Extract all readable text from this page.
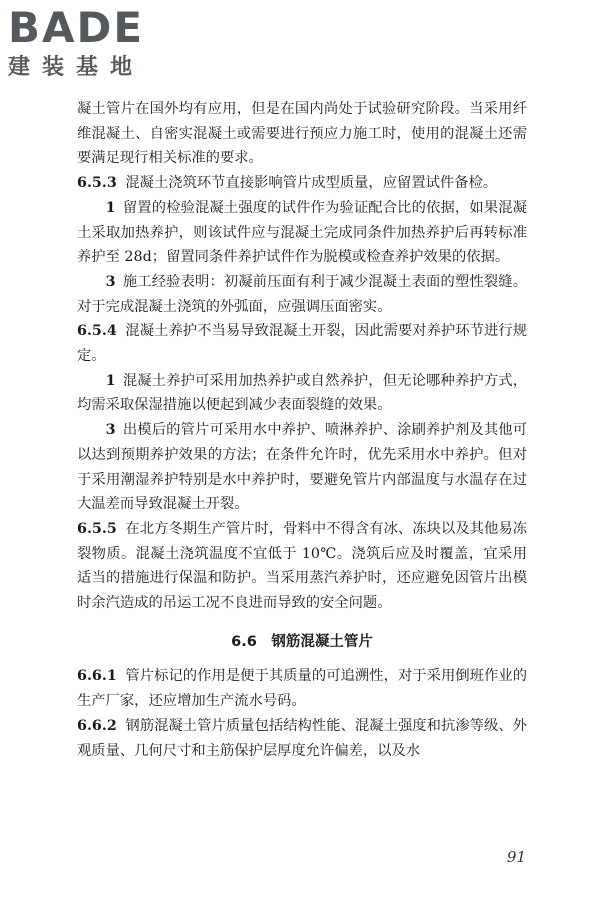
BADE
建装基地

凝土管片在国外均有应用，但是在国内尚处于试验研究阶段。当采用纤维混凝土、自密实混凝土或需要进行预应力施工时，使用的混凝土还需要满足现行相关标准的要求。

6.5.3 混凝土浇筑环节直接影响管片成型质量，应留置试件备检。

1 留置的检验混凝土强度的试件作为验证配合比的依据，如果混凝土采取加热养护，则该试件应与混凝土完成同条件加热养护后再转标准养护至 28d；留置同条件养护试件作为脱模或检查养护效果的依据。

3 施工经验表明：初凝前压面有利于减少混凝土表面的塑性裂缝。对于完成混凝土浇筑的外弧面，应强调压面密实。

6.5.4 混凝土养护不当易导致混凝土开裂，因此需要对养护环节进行规定。

1 混凝土养护可采用加热养护或自然养护，但无论哪种养护方式，均需采取保湿措施以便起到减少表面裂缝的效果。

3 出模后的管片可采用水中养护、喷淋养护、涂刷养护剂及其他可以达到预期养护效果的方法；在条件允许时，优先采用水中养护。但对于采用潮湿养护特别是水中养护时，要避免管片内部温度与水温存在过大温差而导致混凝土开裂。

6.5.5 在北方冬期生产管片时，骨料中不得含有冰、冻块以及其他易冻裂物质。混凝土浇筑温度不宜低于 10℃。浇筑后应及时覆盖，宜采用适当的措施进行保温和防护。当采用蒸汽养护时，还应避免因管片出模时余汽造成的吊运工况不良进而导致的安全问题。

6.6 钢筋混凝土管片

6.6.1 管片标记的作用是便于其质量的可追溯性，对于采用倒班作业的生产厂家，还应增加生产流水号码。

6.6.2 钢筋混凝土管片质量包括结构性能、混凝土强度和抗渗等级、外观质量、几何尺寸和主筋保护层厚度允许偏差，以及水

91
